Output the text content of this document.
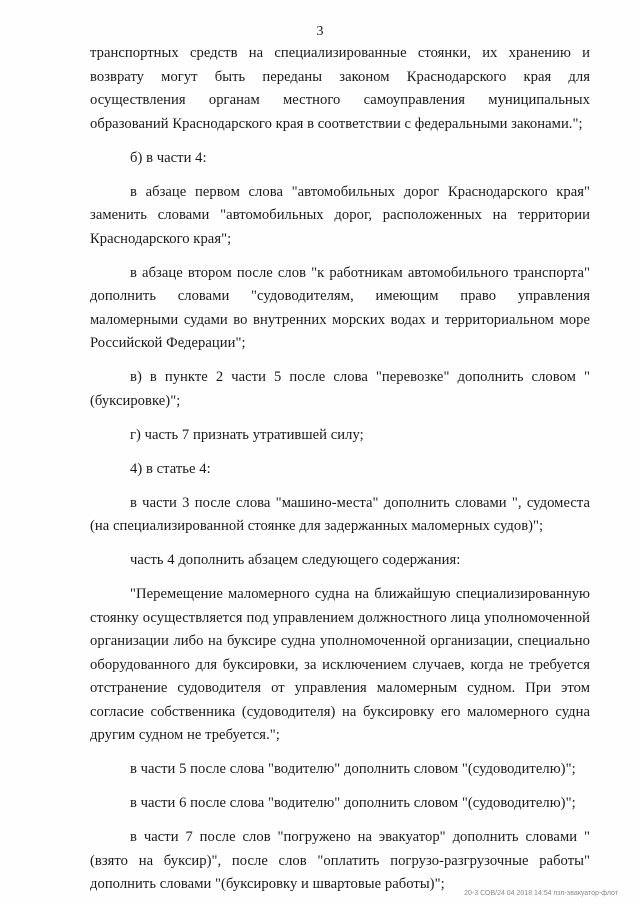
3

транспортных средств на специализированные стоянки, их хранению и возврату могут быть переданы законом Краснодарского края для осуществления органам местного самоуправления муниципальных образований Краснодарского края в соответствии с федеральными законами.";

б) в части 4:

в абзаце первом слова "автомобильных дорог Краснодарского края" заменить словами "автомобильных дорог, расположенных на территории Краснодарского края";

в абзаце втором после слов "к работникам автомобильного транспорта" дополнить словами "судоводителям, имеющим право управления маломерными судами во внутренних морских водах и территориальном море Российской Федерации";

в) в пункте 2 части 5 после слова "перевозке" дополнить словом "(буксировке)";

г) часть 7 признать утратившей силу;

4) в статье 4:

в части 3 после слова "машино-места" дополнить словами ", судоместа (на специализированной стоянке для задержанных маломерных судов)";

часть 4 дополнить абзацем следующего содержания:

"Перемещение маломерного судна на ближайшую специализированную стоянку осуществляется под управлением должностного лица уполномоченной организации либо на буксире судна уполномоченной организации, специально оборудованного для буксировки, за исключением случаев, когда не требуется отстранение судоводителя от управления маломерным судном. При этом согласие собственника (судоводителя) на буксировку его маломерного судна другим судном не требуется.";

в части 5 после слова "водителю" дополнить словом "(судоводителю)";

в части 6 после слова "водителю" дополнить словом "(судоводителю)";

в части 7 после слов "погружено на эвакуатор" дополнить словами "(взято на буксир)", после слов "оплатить погрузо-разгрузочные работы" дополнить словами "(буксировку и швартовые работы)";

20-3 СОВ/24 04 2018 14:54 пзп-эвакуатор-флот
